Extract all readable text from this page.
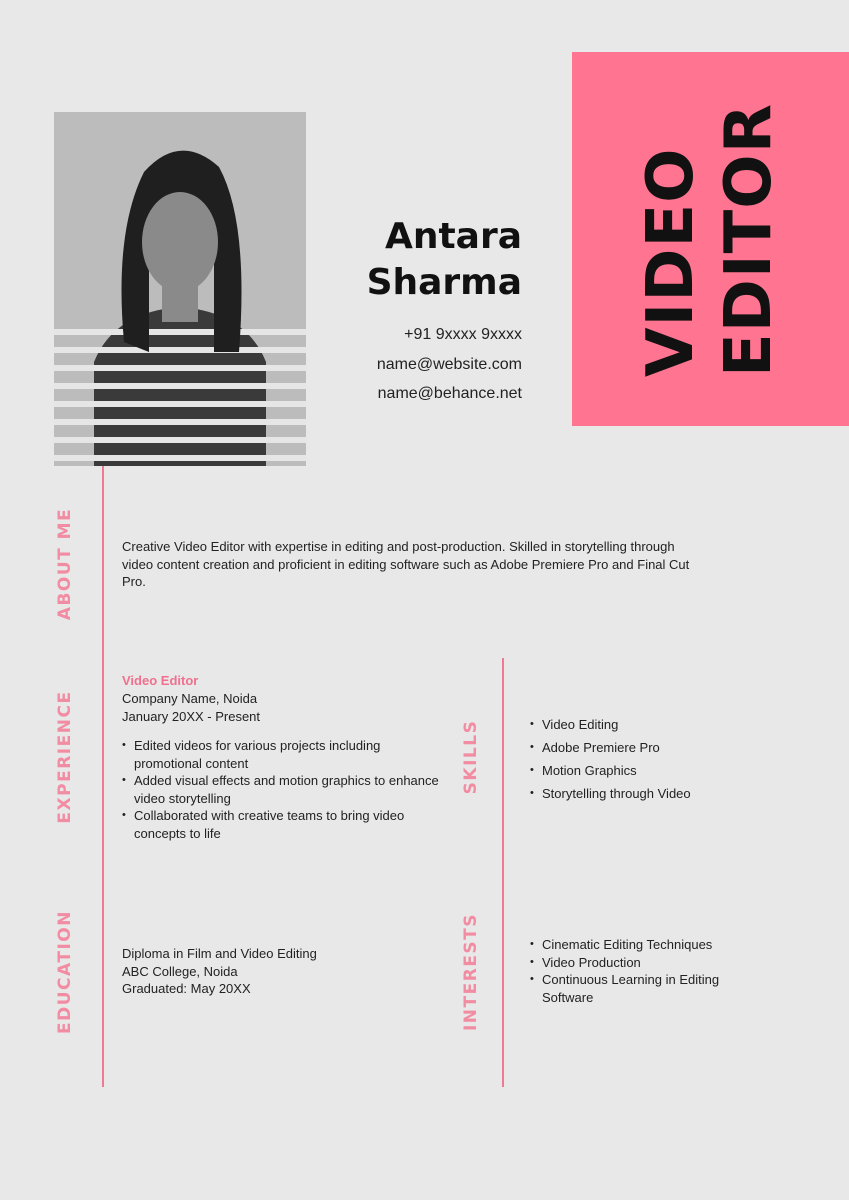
Antara
Sharma
+91 9xxxx 9xxxx
name@website.com
name@behance.net
VIDEO EDITOR
ABOUT ME
EXPERIENCE
EDUCATION
SKILLS
INTERESTS
Creative Video Editor with expertise in editing and post-production. Skilled in storytelling through video content creation and proficient in editing software such as Adobe Premiere Pro and Final Cut Pro.
Video Editor
Company Name, Noida
January 20XX - Present
• Edited videos for various projects including promotional content
• Added visual effects and motion graphics to enhance video storytelling
• Collaborated with creative teams to bring video concepts to life
• Video Editing
• Adobe Premiere Pro
• Motion Graphics
• Storytelling through Video
Diploma in Film and Video Editing
ABC College, Noida
Graduated: May 20XX
• Cinematic Editing Techniques
• Video Production
• Continuous Learning in Editing Software
